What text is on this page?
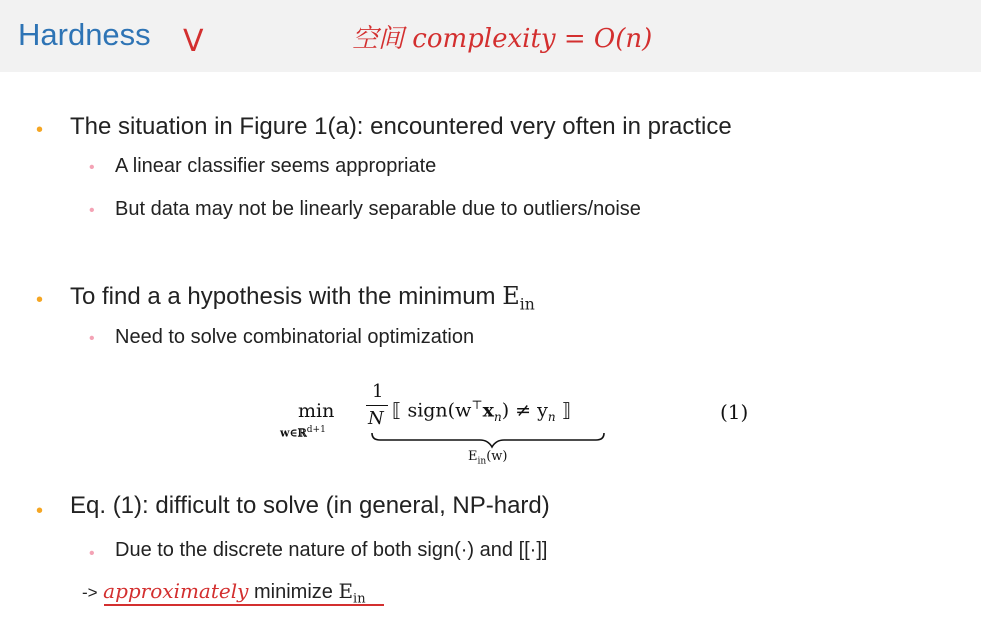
Hardness V	空间 complexity = O(n)
• The situation in Figure 1(a): encountered very often in practice
• A linear classifier seems appropriate
• But data may not be linearly separable due to outliers/noise
• To find a a hypothesis with the minimum $E_{in}$
• Need to solve combinatorial optimization
min
w∈ℝ$^{d+1}$
1
N ⟦ $sign(w^⊤x_n) \ne y_n$ ⟧
$E_{in}(w)$
(1)
• Eq. (1): difficult to solve (in general, NP-hard)
• Due to the discrete nature of both sign(·) and [[·]]
-> approximately minimize $E_{in}$
